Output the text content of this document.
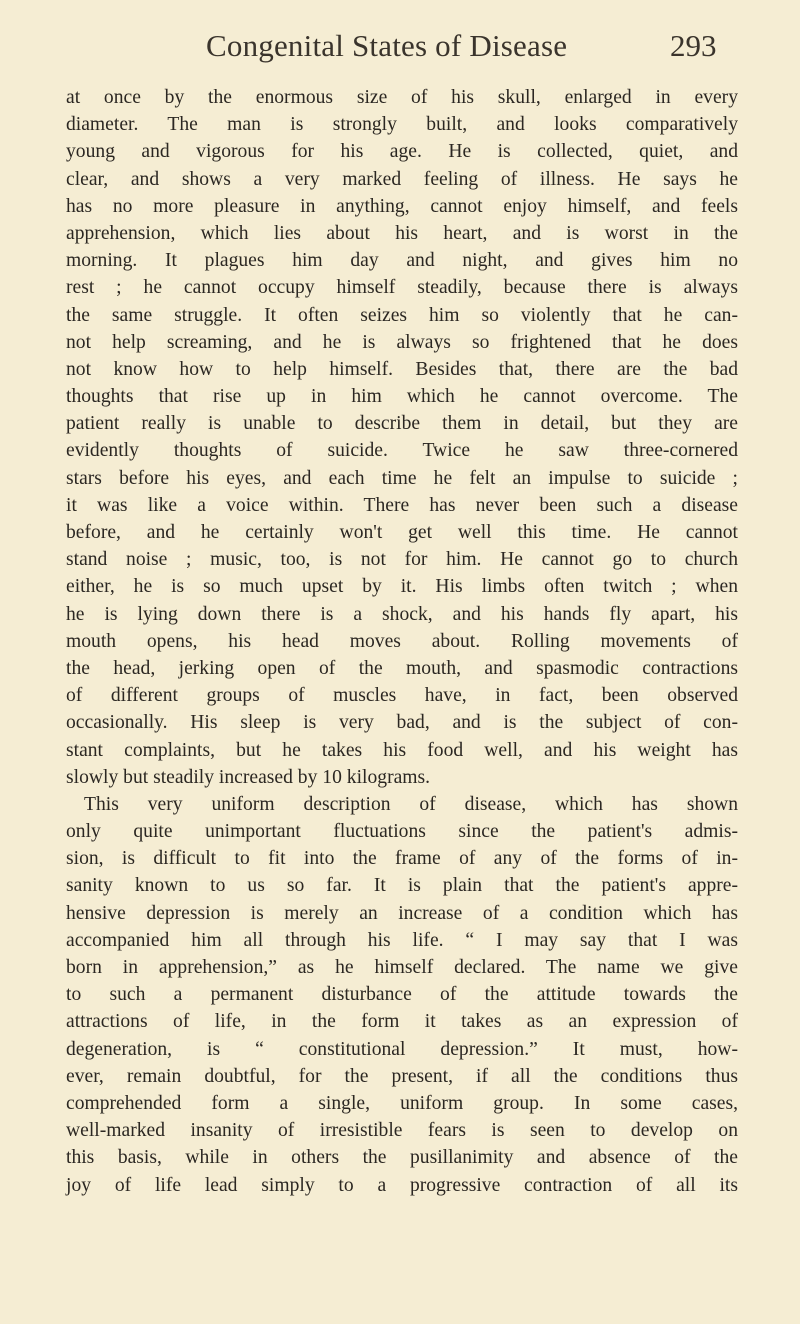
Congenital States of Disease	293
at once by the enormous size of his skull, enlarged in every
diameter. The man is strongly built, and looks comparatively
young and vigorous for his age. He is collected, quiet, and
clear, and shows a very marked feeling of illness. He says he
has no more pleasure in anything, cannot enjoy himself, and feels
apprehension, which lies about his heart, and is worst in the
morning. It plagues him day and night, and gives him no
rest ; he cannot occupy himself steadily, because there is always
the same struggle. It often seizes him so violently that he can-
not help screaming, and he is always so frightened that he does
not know how to help himself. Besides that, there are the bad
thoughts that rise up in him which he cannot overcome. The
patient really is unable to describe them in detail, but they are
evidently thoughts of suicide. Twice he saw three-cornered
stars before his eyes, and each time he felt an impulse to suicide ;
it was like a voice within. There has never been such a disease
before, and he certainly won't get well this time. He cannot
stand noise ; music, too, is not for him. He cannot go to church
either, he is so much upset by it. His limbs often twitch ; when
he is lying down there is a shock, and his hands fly apart, his
mouth opens, his head moves about. Rolling movements of
the head, jerking open of the mouth, and spasmodic contractions
of different groups of muscles have, in fact, been observed
occasionally. His sleep is very bad, and is the subject of con-
stant complaints, but he takes his food well, and his weight has
slowly but steadily increased by 10 kilograms.
This very uniform description of disease, which has shown
only quite unimportant fluctuations since the patient's admis-
sion, is difficult to fit into the frame of any of the forms of in-
sanity known to us so far. It is plain that the patient's appre-
hensive depression is merely an increase of a condition which has
accompanied him all through his life. “ I may say that I was
born in apprehension,” as he himself declared. The name we give
to such a permanent disturbance of the attitude towards the
attractions of life, in the form it takes as an expression of
degeneration, is “ constitutional depression.” It must, how-
ever, remain doubtful, for the present, if all the conditions thus
comprehended form a single, uniform group. In some cases,
well-marked insanity of irresistible fears is seen to develop on
this basis, while in others the pusillanimity and absence of the
joy of life lead simply to a progressive contraction of all its
